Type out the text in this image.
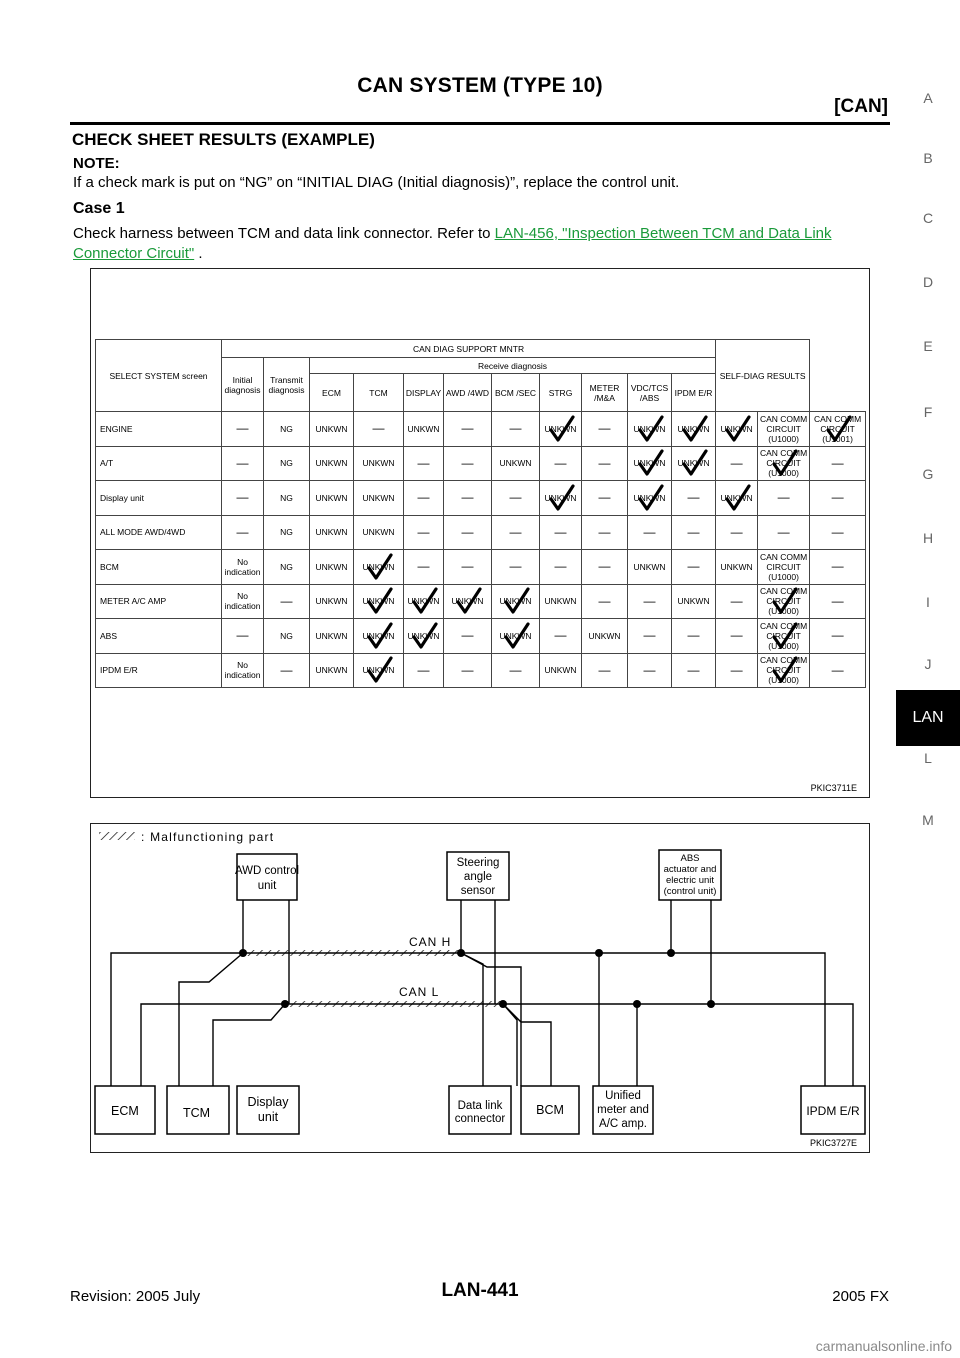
CAN SYSTEM (TYPE 10)
[CAN]	A
B
C
D
E
F
G
H
I
J
LAN
L
M
CHECK SHEET RESULTS (EXAMPLE)
NOTE:
If a check mark is put on “NG” on “INITIAL DIAG (Initial diagnosis)”, replace the control unit.
Case 1
Check harness between TCM and data link connector. Refer to LAN-456, "Inspection Between TCM and Data Link Connector Circuit" .
SELECT SYSTEM screen	CAN DIAG SUPPORT MNTR											SELF-DIAG RESULTS		
	Initial diagnosis	Transmit diagnosis	Receive diagnosis											
			ECM	TCM	DISPLAY	AWD /4WD	BCM /SEC	STRG	METER /M&A	VDC/TCS /ABS	IPDM E/R			
ENGINE	—	NG	UNKWN	—	UNKWN	—	—	UNKWN	—	UNKWN	UNKWN	UNKWN	CAN COMM CIRCUIT (U1000)	CAN COMM CIRCUIT (U1001)

A/T	—	NG	UNKWN	UNKWN	—	—	UNKWN	—	—	UNKWN	UNKWN	—	CAN COMM CIRCUIT (U1000)	—
Display unit	—	NG	UNKWN	UNKWN	—	—	—	UNKWN	—	UNKWN	—	UNKWN	—	—
ALL MODE AWD/4WD	—	NG	UNKWN	UNKWN	—	—	—	—	—	—	—	—	—	—
BCM	No indication	NG	UNKWN	UNKWN	—	—	—	—	—	UNKWN	—	UNKWN	CAN COMM CIRCUIT (U1000)	—
METER A/C AMP	No indication	—	UNKWN	UNKWN	UNKWN	UNKWN	UNKWN	UNKWN	—	—	UNKWN	—	CAN COMM CIRCUIT (U1000)	—
ABS	—	NG	UNKWN	UNKWN	UNKWN	—	UNKWN	—	UNKWN	—	—	—	CAN COMM CIRCUIT (U1000)	—
IPDM E/R	No indication	—	UNKWN	UNKWN	—	—	—	UNKWN	—	—	—	—	CAN COMM CIRCUIT (U1000)	—
PKIC3711E
: Malfunctioning part
AWD control
unit
Steering
angle
sensor
ABS
actuator and
electric unit
(control unit)
CAN H
CAN L
ECM	TCM
Display
unit
Data link
connector
BCM
Unified
meter and
A/C amp.
IPDM E/R
PKIC3727E
Revision: 2005 July	LAN-441	2005 FX
carmanualsonline.info
